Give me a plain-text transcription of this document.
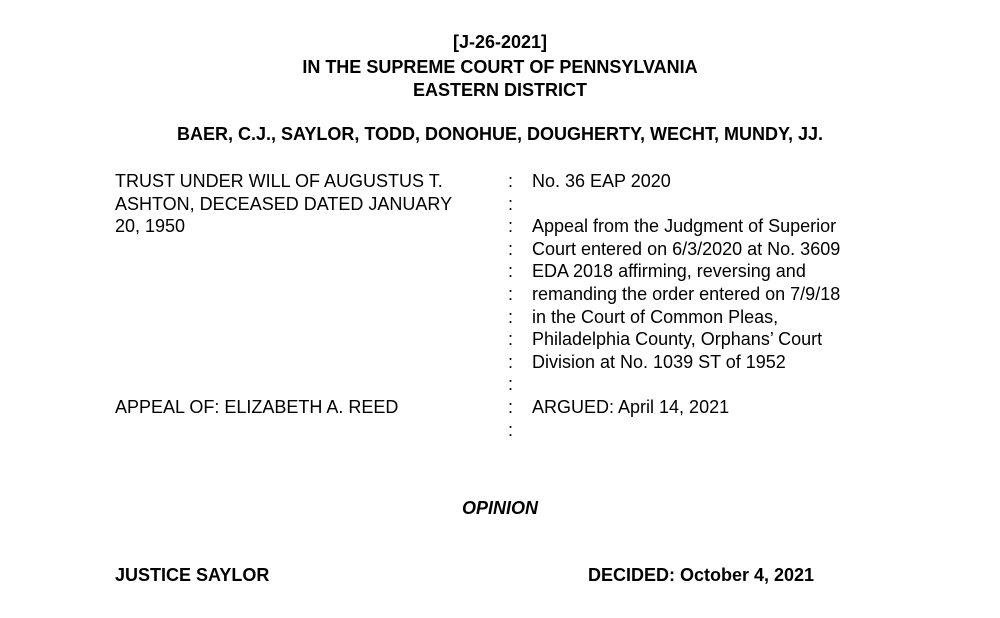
[J-26-2021]
IN THE SUPREME COURT OF PENNSYLVANIA
EASTERN DISTRICT
BAER, C.J., SAYLOR, TODD, DONOHUE, DOUGHERTY, WECHT, MUNDY, JJ.
TRUST UNDER WILL OF AUGUSTUS T.	:	No. 36 EAP 2020
ASHTON, DECEASED DATED JANUARY	:
20, 1950	:	Appeal from the Judgment of Superior
:	Court entered on 6/3/2020 at No. 3609
:	EDA 2018 affirming, reversing and
:	remanding the order entered on 7/9/18
:	in the Court of Common Pleas,
:	Philadelphia County, Orphans’ Court
:	Division at No. 1039 ST of 1952
:
APPEAL OF: ELIZABETH A. REED	:	ARGUED: April 14, 2021
:
OPINION
JUSTICE SAYLOR	DECIDED: October 4, 2021
